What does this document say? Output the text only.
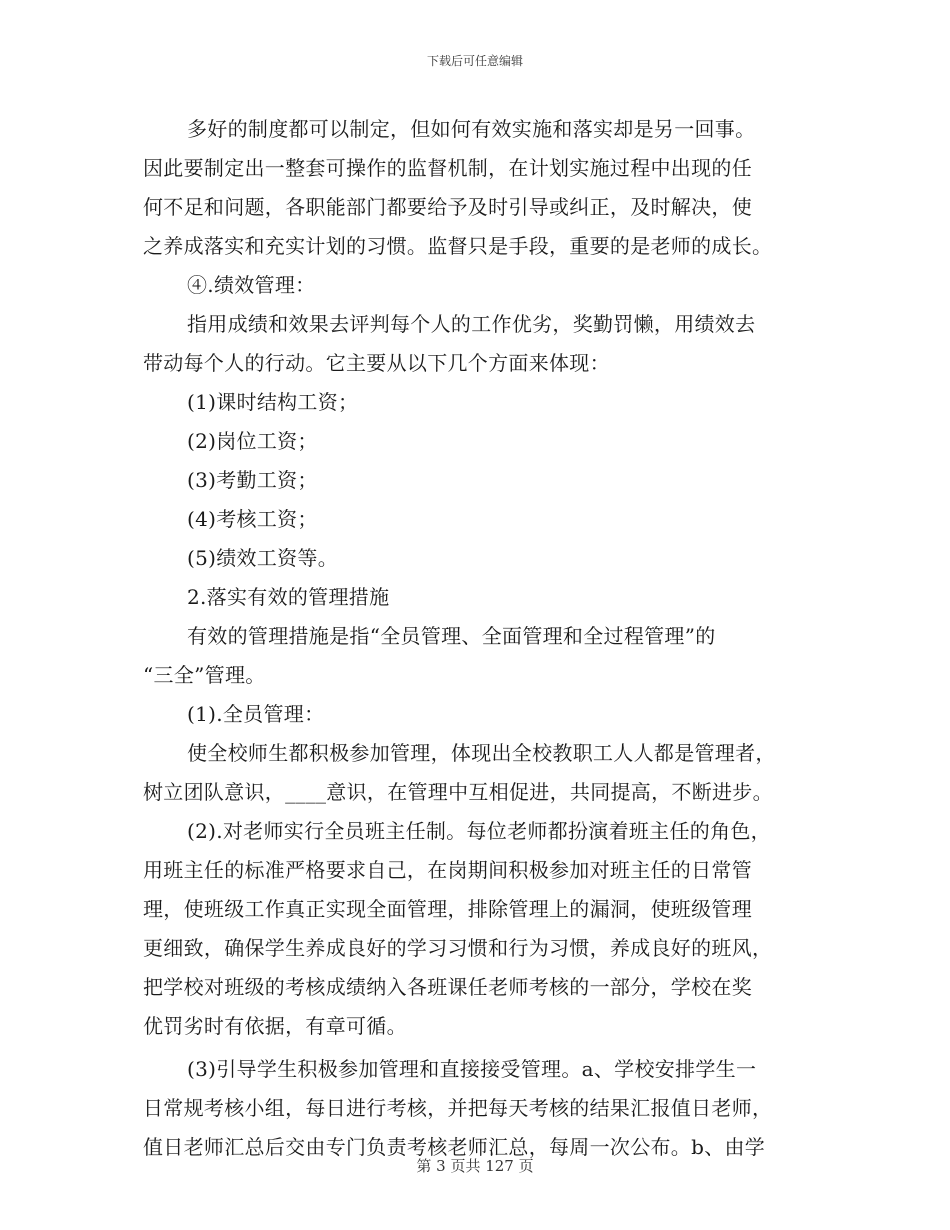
下载后可任意编辑
多好的制度都可以制定，但如何有效实施和落实却是另一回事。
因此要制定出一整套可操作的监督机制，在计划实施过程中出现的任
何不足和问题，各职能部门都要给予及时引导或纠正，及时解决，使
之养成落实和充实计划的习惯。监督只是手段，重要的是老师的成长。
④.绩效管理：
指用成绩和效果去评判每个人的工作优劣，奖勤罚懒，用绩效去
带动每个人的行动。它主要从以下几个方面来体现：
(1)课时结构工资；
(2)岗位工资；
(3)考勤工资；
(4)考核工资；
(5)绩效工资等。
2.落实有效的管理措施
有效的管理措施是指“全员管理、全面管理和全过程管理”的
“三全”管理。
(1).全员管理：
使全校师生都积极参加管理，体现出全校教职工人人都是管理者，
树立团队意识，____意识，在管理中互相促进，共同提高，不断进步。
(2).对老师实行全员班主任制。每位老师都扮演着班主任的角色，
用班主任的标准严格要求自己，在岗期间积极参加对班主任的日常管
理，使班级工作真正实现全面管理，排除管理上的漏洞，使班级管理
更细致，确保学生养成良好的学习习惯和行为习惯，养成良好的班风，
把学校对班级的考核成绩纳入各班课任老师考核的一部分，学校在奖
优罚劣时有依据，有章可循。
(3)引导学生积极参加管理和直接接受管理。a、学校安排学生一
日常规考核小组，每日进行考核，并把每天考核的结果汇报值日老师，
值日老师汇总后交由专门负责考核老师汇总，每周一次公布。b、由学
第 3 页共 127 页
